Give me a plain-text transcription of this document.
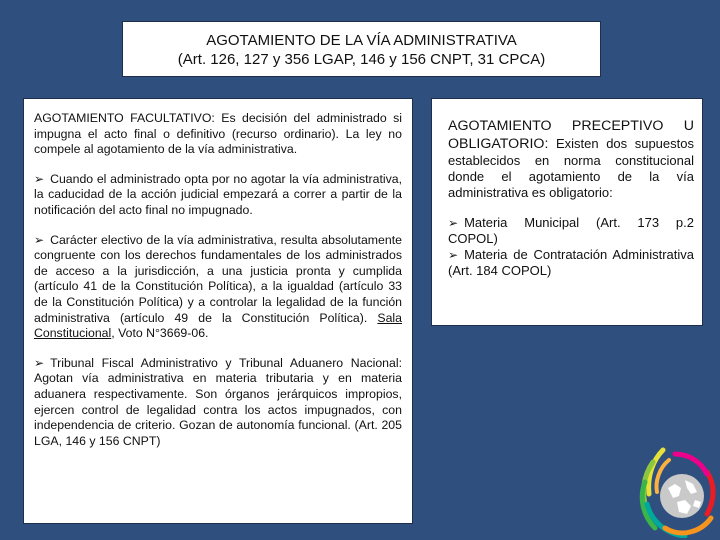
AGOTAMIENTO DE LA VÍA ADMINISTRATIVA
(Art. 126, 127 y 356 LGAP, 146 y 156 CNPT, 31 CPCA)

AGOTAMIENTO FACULTATIVO: Es decisión del administrado si impugna el acto final o definitivo (recurso ordinario). La ley no compele al agotamiento de la vía administrativa.

➢ Cuando el administrado opta por no agotar la vía administrativa, la caducidad de la acción judicial empezará a correr a partir de la notificación del acto final no impugnado.

➢ Carácter electivo de la vía administrativa, resulta absolutamente congruente con los derechos fundamentales de los administrados de acceso a la jurisdicción, a una justicia pronta y cumplida (artículo 41 de la Constitución Política), a la igualdad (artículo 33 de la Constitución Política) y a controlar la legalidad de la función administrativa (artículo 49 de la Constitución Política). Sala Constitucional, Voto N°3669-06.

➢ Tribunal Fiscal Administrativo y Tribunal Aduanero Nacional: Agotan vía administrativa en materia tributaria y en materia aduanera respectivamente. Son órganos jerárquicos impropios, ejercen control de legalidad contra los actos impugnados, con independencia de criterio. Gozan de autonomía funcional. (Art. 205 LGA, 146 y 156 CNPT)

AGOTAMIENTO PRECEPTIVO U OBLIGATORIO: Existen dos supuestos establecidos en norma constitucional donde el agotamiento de la vía administrativa es obligatorio:

➢ Materia Municipal (Art. 173 p.2 COPOL)

➢ Materia de Contratación Administrativa (Art. 184 COPOL)
